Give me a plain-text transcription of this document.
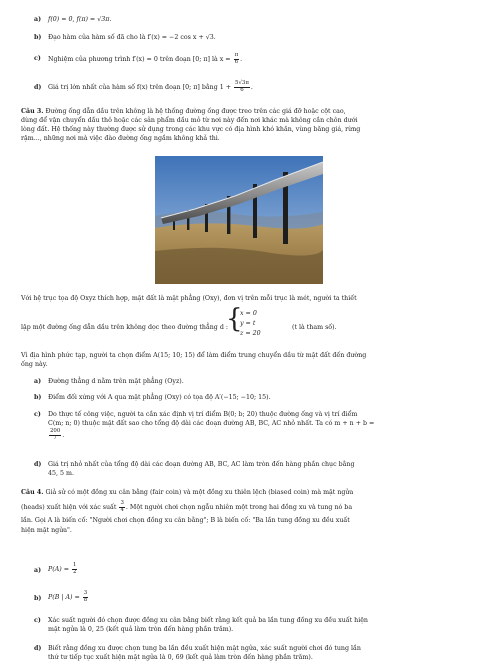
a) f(0) = 0, f(π) = √3π.
b) Đạo hàm của hàm số đã cho là f′(x) = −2 cos x + √3.
c) Nghiệm của phương trình f′(x) = 0 trên đoạn [0; π] là $x = \frac{\pi}{6}$ .
d) Giá trị lớn nhất của hàm số f(x) trên đoạn [0; π] bằng $1 + \frac{5√3\pi}{6}$ .
Câu 3. Đường ống dẫn dầu trên không là hệ thống đường ống được treo trên các giá đỡ hoặc cột cao,
dùng để vận chuyển dầu thô hoặc các sản phẩm dầu mỏ từ nơi này đến nơi khác mà không cần chôn dưới
lòng đất. Hệ thống này thường được sử dụng trong các khu vực có địa hình khó khăn, vùng băng giá, rừng
rậm..., những nơi mà việc đào đường ống ngầm không khả thi.
Với hệ trục tọa độ Oxyz thích hợp, mặt đất là mặt phẳng (Oxy), đơn vị trên mỗi trục là mét, người ta thiết
lập một đường ống dẫn dầu trên không dọc theo đường thẳng d :
{
x = 0
y = t
z = 20
(t là tham số).
Vì địa hình phức tạp, người ta chọn điểm A(15; 10; 15) để làm điểm trung chuyển dầu từ mặt đất đến đường
ống này.
a) Đường thẳng d nằm trên mặt phẳng (Oyz).
b) Điểm đối xứng với A qua mặt phẳng (Oxy) có tọa độ A′(−15; −10; 15).
c) Do thực tế công việc, người ta cần xác định vị trí điểm B(0; b; 20) thuộc đường ống và vị trí điểm
C(m; n; 0) thuộc mặt đất sao cho tổng độ dài các đoạn đường AB, BC, AC nhỏ nhất. Ta có m + n + b =
$\frac{200}{7}$ .
d) Giá trị nhỏ nhất của tổng độ dài các đoạn đường AB, BC, AC làm tròn đến hàng phần chục bằng
45, 5 m.
Câu 4. Giả sử có một đồng xu cân bằng (fair coin) và một đồng xu thiên lệch (biased coin) mà mặt ngửa
(heads) xuất hiện với xác suất $\frac{3}{4}$ . Một người chơi chọn ngẫu nhiên một trong hai đồng xu và tung nó ba
lần. Gọi A là biến cố: "Người chơi chọn đồng xu cân bằng"; B là biến cố: "Ba lần tung đồng xu đều xuất
hiện mặt ngửa".
a) $P(A) = \frac{1}{2}$
b) P(B | $A) = \frac{3}{8}$
c) Xác suất người đó chọn được đồng xu cân bằng biết rằng kết quả ba lần tung đồng xu đều xuất hiện
mặt ngửa là 0, 25 (kết quả làm tròn đến hàng phần trăm).
d) Biết rằng đồng xu được chọn tung ba lần đều xuất hiện mặt ngửa, xác suất người chơi đó tung lần
thứ tư tiếp tục xuất hiện mặt ngửa là 0, 69 (kết quả làm tròn đến hàng phần trăm).
